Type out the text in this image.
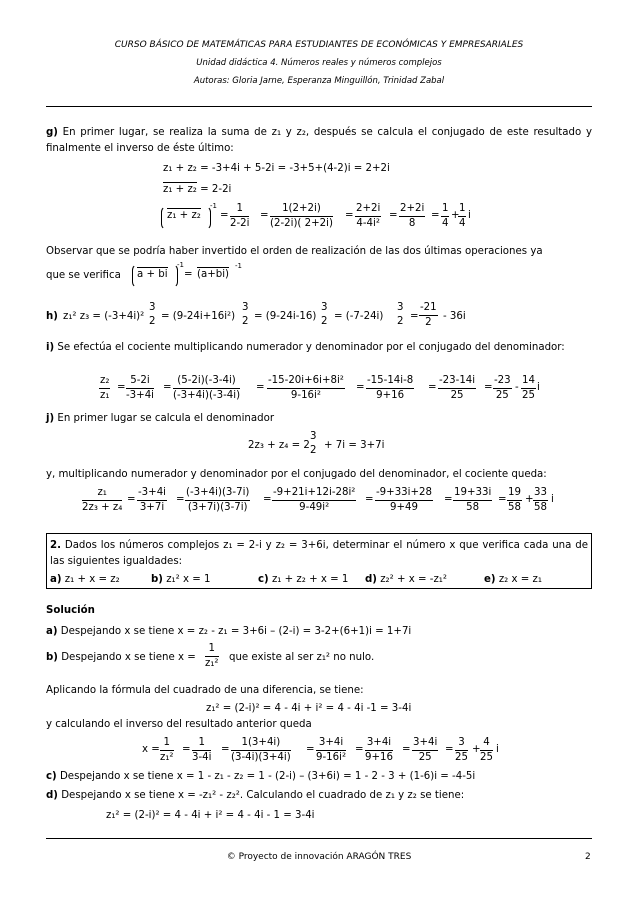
CURSO BÁSICO DE MATEMÁTICAS PARA ESTUDIANTES DE ECONÓMICAS Y EMPRESARIALES
Unidad didáctica 4. Números reales y números complejos
Autoras: Gloria Jarne, Esperanza Minguillón, Trinidad Zabal
g) En primer lugar, se realiza la suma de z₁ y z₂, después se calcula el conjugado de este resultado y finalmente el inverso de éste último:
z₁ + z₂ = -3+4i + 5-2i = -3+5+(4-2)i = 2+2i
z₁ + z₂ = 2-2i
z₁ + z₂
-1
= $\frac{1}{2-2i} = \frac{1(2+2i)}{(2-2i)( 2+2i)} = \frac{2+2i}{\text{4-4i²}} = \frac{2+2i}{8} = \frac{1}{4}$ +
$\frac{1}{4}$ i
Observar que se podría haber invertido el orden de realización de las dos últimas operaciones ya
que se verifica a + bi
-1
= (a+bi)
-1
h) z₁² z₃ = (-3+4i)²
3
2 = (9-24i+16i²)
3
2 = (9-24i-16)
3
2 = (-7-24i)
3
$2 = \frac{-21}{2} - 36i$
i) Se efectúa el cociente multiplicando numerador y denominador por el conjugado del denominador:
$\frac{\text{z₂}}{\text{z₁}} = \frac{5-2i}{-3+4i} = \frac{(5-2i)(-3-4i)}{(-3+4i)(-3-4i)} = \frac{\text{-15-20i+6i+8i²}}{\text{9-16i²}} = \frac{-15-14i-8}{9+16} = \frac{-23-14i}{25} = \frac{-23}{25} - \frac{14}{25}$ i
j) En primer lugar se calcula el denominador
2z₃ + z₄ = 2
3
2 + 7i = 3+7i
y, multiplicando numerador y denominador por el conjugado del denominador, el cociente queda:
$\frac{\text{z₁}}{\text{2z₃ + z₄}} = \frac{-3+4i}{3+7i} = \frac{(-3+4i)(3-7i)}{(3+7i)(3-7i)} = \frac{\text{-9+21i+12i-28i²}}{\text{9-49i²}} = \frac{-9+33i+28}{9+49} = \frac{19+33i}{58} = \frac{19}{58} + \frac{33}{58}$ i
2. Dados los números complejos z₁ = 2-i y z₂ = 3+6i, determinar el número x que verifica cada una de las siguientes igualdades:
a) z₁ + x = z₂	b) z₁² x = 1	c) z₁ + z₂ + x = 1 d) z₂² + x = -z₁²	e) z₂ x = z₁
Solución
a) Despejando x se tiene x = z₂ - z₁ = 3+6i – (2-i) = 3-2+(6+1)i = 1+7i
b) Despejando x se tiene $x = \frac{1}{\text{z₁²}}$ que existe al ser z₁² no nulo.
Aplicando la fórmula del cuadrado de una diferencia, se tiene:
z₁² = (2-i)² = 4 - 4i + i² = 4 - 4i -1 = 3-4i
y calculando el inverso del resultado anterior queda
$x = \frac{1}{\text{z₁²}} = \frac{1}{3-4i} = \frac{1(3+4i)}{(3-4i)(3+4i)} = \frac{3+4i}{\text{9-16i²}} = \frac{3+4i}{9+16} = \frac{3+4i}{25} = \frac{3}{25} + \frac{4}{25}$ i
c) Despejando x se tiene x = 1 - z₁ - z₂ = 1 - (2-i) – (3+6i) = 1 - 2 - 3 + (1-6)i = -4-5i
d) Despejando x se tiene x = -z₁² - z₂². Calculando el cuadrado de z₁ y z₂ se tiene:
z₁² = (2-i)² = 4 - 4i + i² = 4 - 4i - 1 = 3-4i
© Proyecto de innovación ARAGÓN TRES	2
